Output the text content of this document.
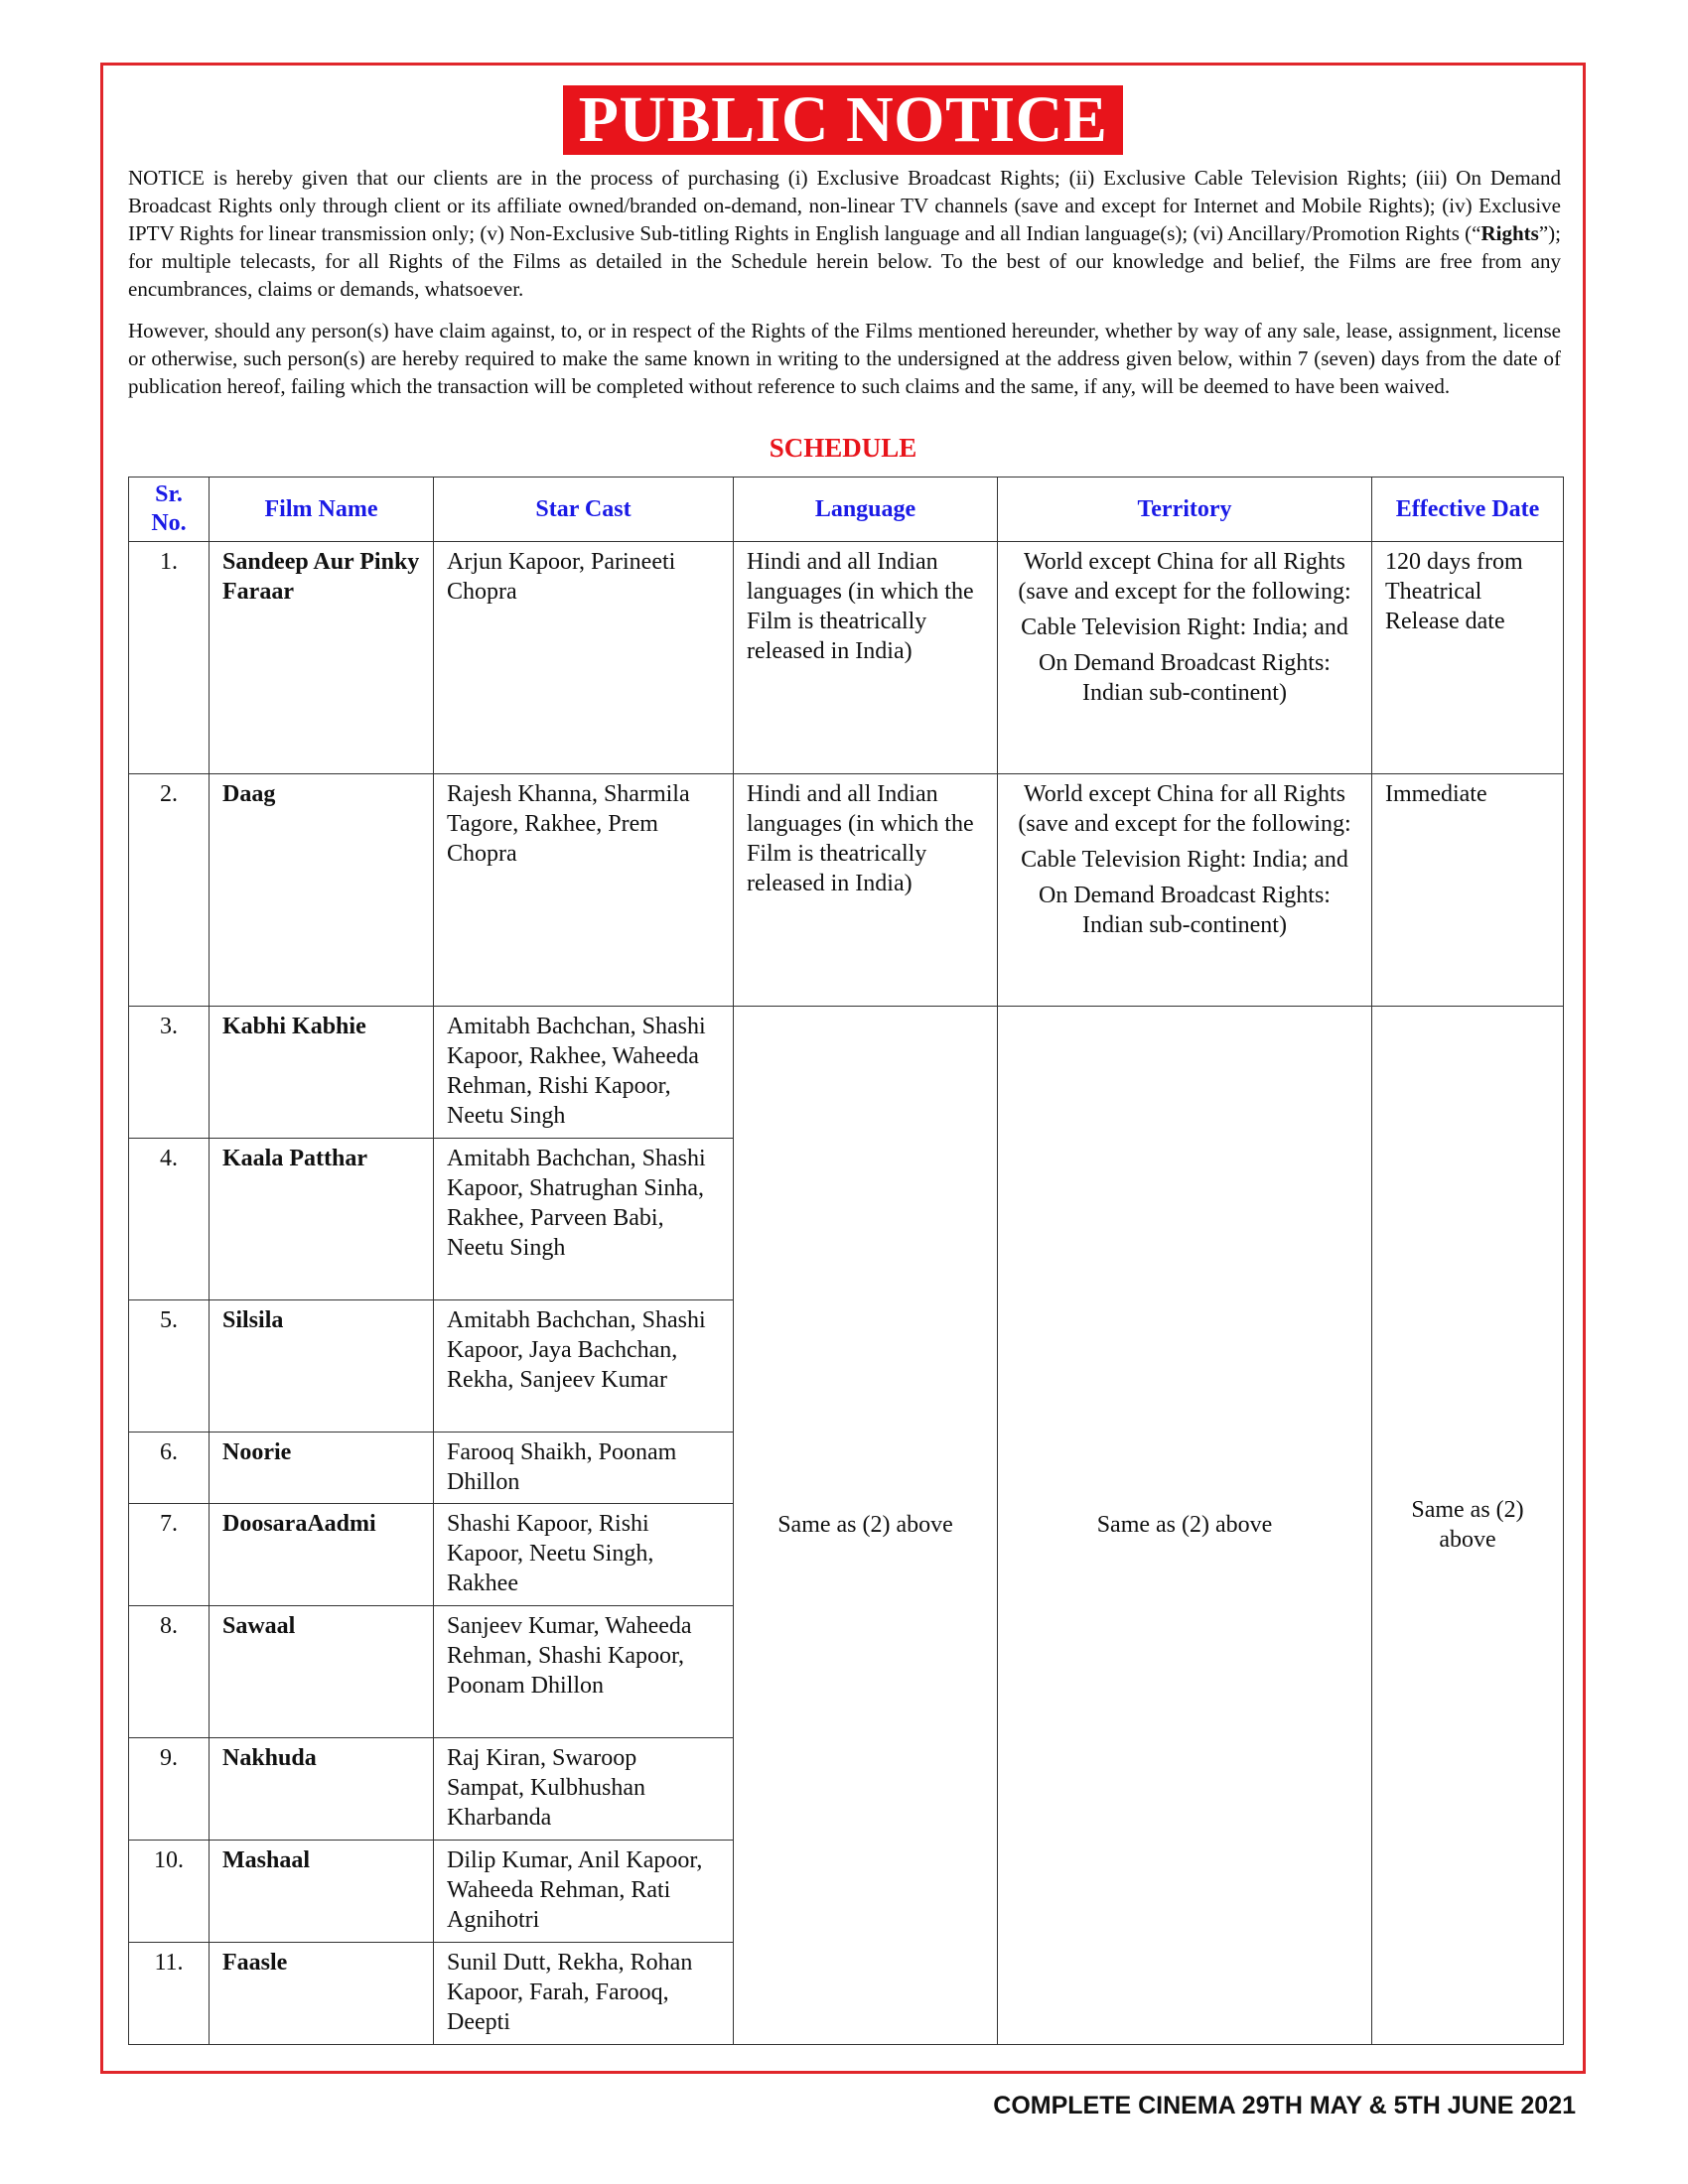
PUBLIC NOTICE

NOTICE is hereby given that our clients are in the process of purchasing (i) Exclusive Broadcast Rights; (ii) Exclusive Cable Television Rights; (iii) On Demand Broadcast Rights only through client or its affiliate owned/branded on-demand, non-linear TV channels (save and except for Internet and Mobile Rights); (iv) Exclusive IPTV Rights for linear transmission only; (v) Non-Exclusive Sub-titling Rights in English language and all Indian language(s); (vi) Ancillary/Promotion Rights (“Rights”); for multiple telecasts, for all Rights of the Films as detailed in the Schedule herein below. To the best of our knowledge and belief, the Films are free from any encumbrances, claims or demands, whatsoever.

However, should any person(s) have claim against, to, or in respect of the Rights of the Films mentioned hereunder, whether by way of any sale, lease, assignment, license or otherwise, such person(s) are hereby required to make the same known in writing to the undersigned at the address given below, within 7 (seven) days from the date of publication hereof, failing which the transaction will be completed without reference to such claims and the same, if any, will be deemed to have been waived.

SCHEDULE
Sr. No.	Film Name	Star Cast	Language	Territory	Effective Date
1.	Sandeep Aur Pinky Faraar	Arjun Kapoor, Parineeti Chopra	Hindi and all Indian languages (in which the Film is theatrically released in India)	World except China for all Rights (save and except for the following:
Cable Television Right: India; and
On Demand Broadcast Rights: Indian sub-continent)	120 days from Theatrical Release date
2.	Daag	Rajesh Khanna, Sharmila Tagore, Rakhee, Prem Chopra	Hindi and all Indian languages (in which the Film is theatrically released in India)	World except China for all Rights (save and except for the following:
Cable Television Right: India; and
On Demand Broadcast Rights: Indian sub-continent)	Immediate
3.	Kabhi Kabhie	Amitabh Bachchan, Shashi Kapoor, Rakhee, Waheeda Rehman, Rishi Kapoor, Neetu Singh	Same as (2) above	Same as (2) above	Same as (2) above
4.	Kaala Patthar	Amitabh Bachchan, Shashi Kapoor, Shatrughan Sinha, Rakhee, Parveen Babi, Neetu Singh			
5.	Silsila	Amitabh Bachchan, Shashi Kapoor, Jaya Bachchan, Rekha, Sanjeev Kumar			
6.	Noorie	Farooq Shaikh, Poonam Dhillon			
7.	DoosaraAadmi	Shashi Kapoor, Rishi Kapoor, Neetu Singh, Rakhee			
8.	Sawaal	Sanjeev Kumar, Waheeda Rehman, Shashi Kapoor, Poonam Dhillon			
9.	Nakhuda	Raj Kiran, Swaroop Sampat, Kulbhushan Kharbanda			
10.	Mashaal	Dilip Kumar, Anil Kapoor, Waheeda Rehman, Rati Agnihotri			
11.	Faasle	Sunil Dutt, Rekha, Rohan Kapoor, Farah, Farooq, Deepti			
COMPLETE CINEMA 29TH MAY & 5TH JUNE 2021
